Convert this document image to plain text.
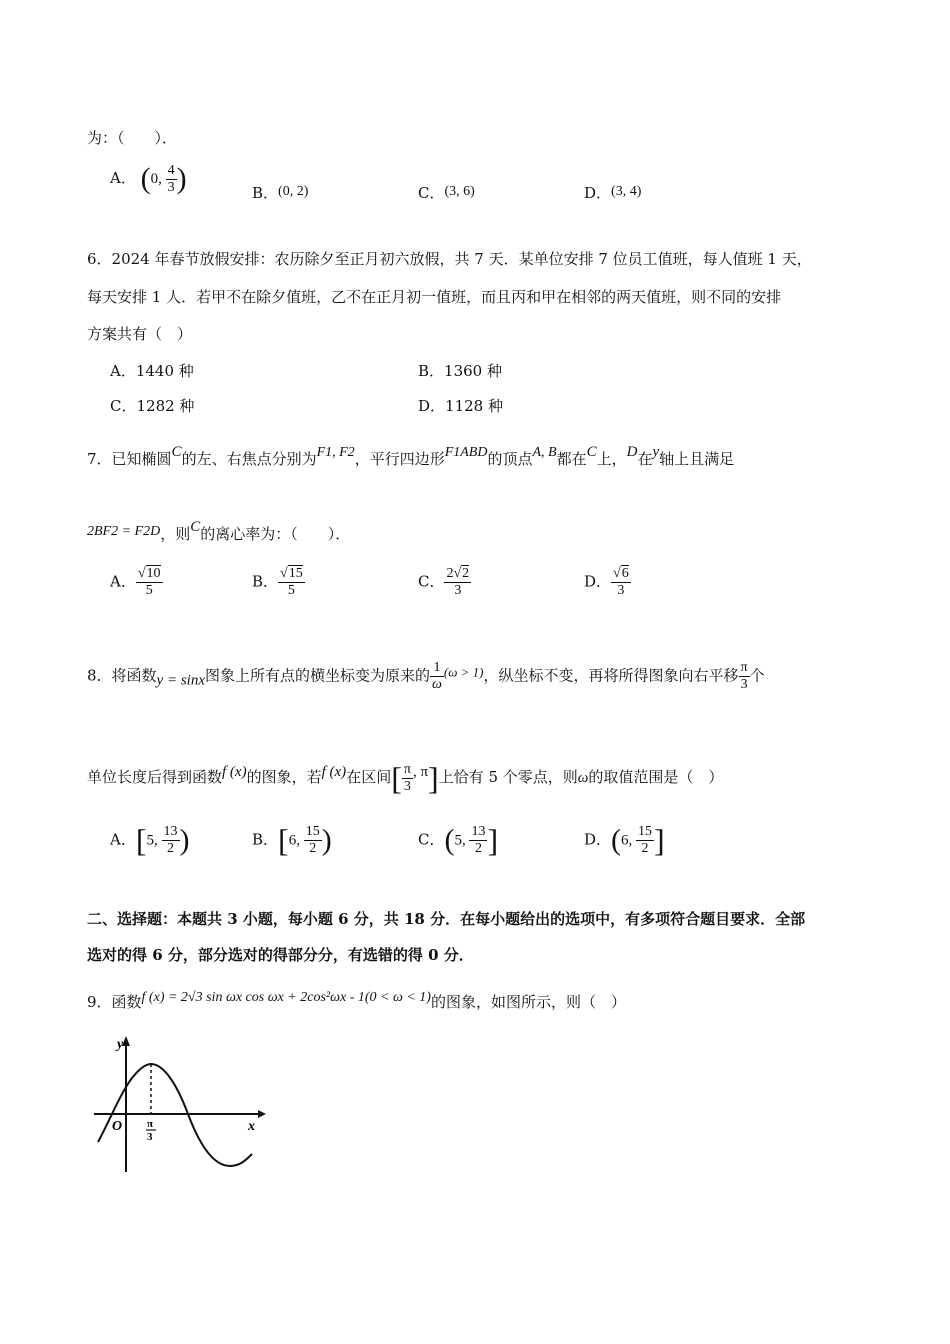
为：（　　）．
A． (0, $\frac{4}{3}$ )	B．(0, 2)	C．(3, 6)	D．(3, 4)
6．2024 年春节放假安排：农历除夕至正月初六放假，共 7 天．某单位安排 7 位员工值班，每人值班 1 天，
每天安排 1 人．若甲不在除夕值班，乙不在正月初一值班，而且丙和甲在相邻的两天值班，则不同的安排
方案共有（　）
A．1440 种	B．1360 种
C．1282 种	D．1128 种
7．已知椭圆C的左、右焦点分别为F1, F2，平行四边形F1ABD的顶点A, B都在C上，D在y轴上且满足
2BF2 = F2D，则C的离心率为：（　　）．
A． $\frac{√10}{5}$	B． $\frac{√15}{5}$	C． $\frac{2√2}{3}$	D． $\frac{√6}{3}$
8．将函数y = sinx图象上所有点的横坐标变为原来的 $\frac{1}{\omega} (\omega > 1)$，纵坐标不变，再将所得图象向右平移 $\frac{\pi}{3}$ 个
单位长度后得到函数f (x)的图象，若f (x)在区间[ $\frac{\pi}{3}$ , π]上恰有 5 个零点，则ω的取值范围是（　）
A．[5, $\frac{13}{2}$ )	B．[6, $\frac{15}{2}$ )	C．(5, $\frac{13}{2}$ ]	D．(6, $\frac{15}{2}$ ]
二、选择题：本题共 3 小题，每小题 6 分，共 18 分．在每小题给出的选项中，有多项符合题目要求．全部
选对的得 6 分，部分选对的得部分分，有选错的得 0 分．
9．函数f (x) = 2√3 sin ωx cos ωx + 2cos²ωx - 1(0 < ω < 1)的图象，如图所示，则（　）
y
x
O π
3
